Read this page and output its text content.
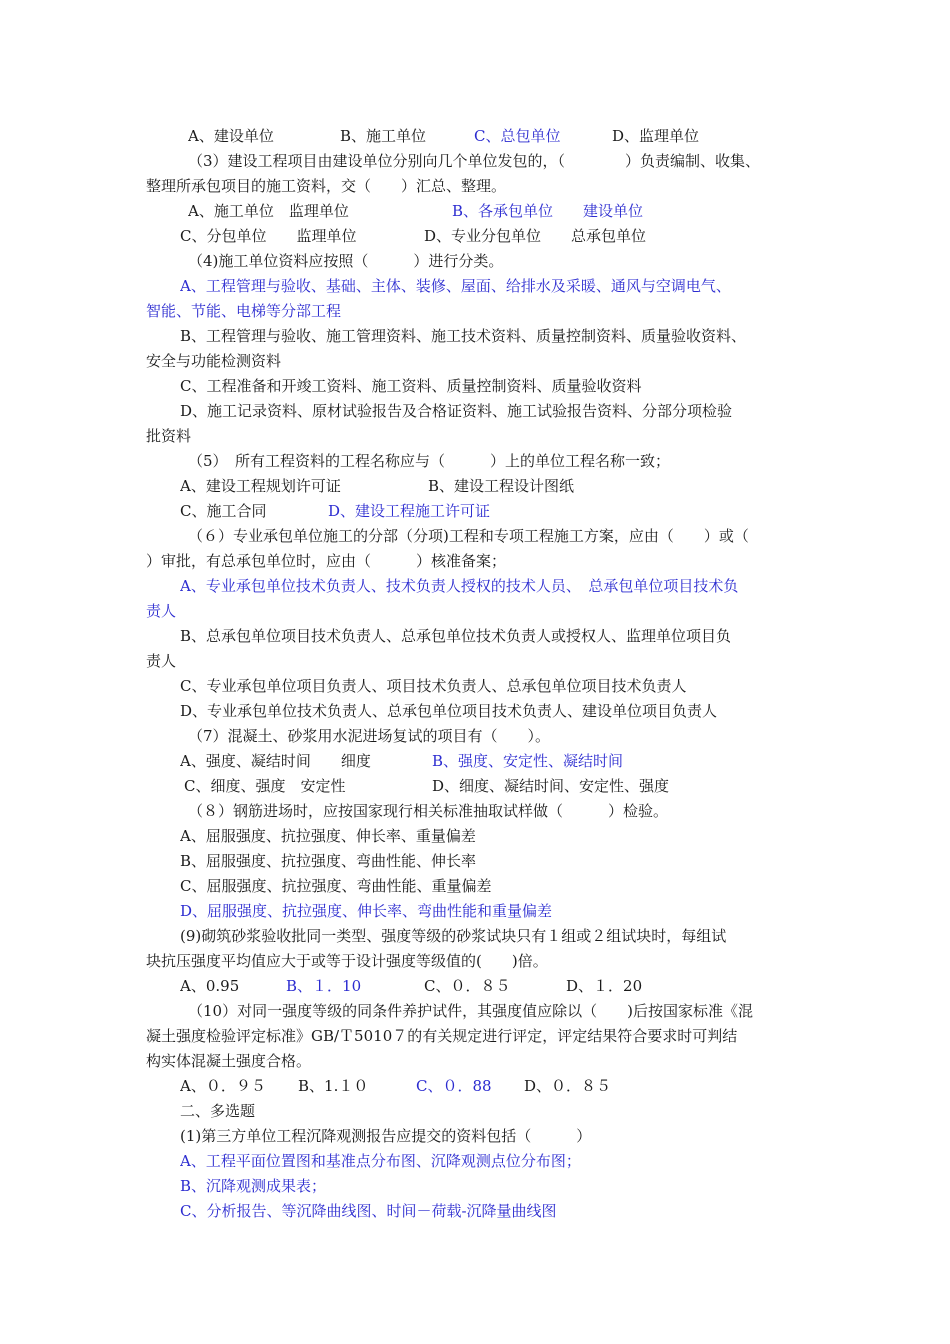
A、建设单位

	B、施工单位

	C、总包单位

	D、监理单位

（3）建设工程项目由建设单位分别向几个单位发包的，（　　　　）负责编制、收集、
整理所承包项目的施工资料，交（　　）汇总、整理。

A、施工单位　监理单位

	B、各承包单位　　建设单位

C、分包单位　　监理单位

	D、专业分包单位　　总承包单位

（4)施工单位资料应按照（　　　）进行分类。
A、工程管理与验收、基础、主体、装修、屋面、给排水及采暖、通风与空调电气、
智能、节能、电梯等分部工程
B、工程管理与验收、施工管理资料、施工技术资料、质量控制资料、质量验收资料、
安全与功能检测资料
C、工程准备和开竣工资料、施工资料、质量控制资料、质量验收资料
D、施工记录资料、原材试验报告及合格证资料、施工试验报告资料、分部分项检验
批资料
（5）　所有工程资料的工程名称应与（　　　）上的单位工程名称一致；

A、建设工程规划许可证

	B、建设工程设计图纸

C、施工合同

	D、建设工程施工许可证

（６）专业承包单位施工的分部（分项)工程和专项工程施工方案，应由（　　）或（
）审批，有总承包单位时，应由（　　　）核准备案；
A、专业承包单位技术负责人、技术负责人授权的技术人员、　总承包单位项目技术负
责人
B、总承包单位项目技术负责人、总承包单位技术负责人或授权人、监理单位项目负
责人
C、专业承包单位项目负责人、项目技术负责人、总承包单位项目技术负责人
D、专业承包单位技术负责人、总承包单位项目技术负责人、建设单位项目负责人
（7）混凝土、砂浆用水泥进场复试的项目有（　　）。

A、强度、凝结时间　　细度

	B、强度、安定性、凝结时间

C、细度、强度　安定性

	D、细度、凝结时间、安定性、强度

（８）钢筋进场时，应按国家现行相关标准抽取试样做（　　　）检验。
A、屈服强度、抗拉强度、伸长率、重量偏差
B、屈服强度、抗拉强度、弯曲性能、伸长率
C、屈服强度、抗拉强度、弯曲性能、重量偏差
D、屈服强度、抗拉强度、伸长率、弯曲性能和重量偏差
(9)砌筑砂浆验收批同一类型、强度等级的砂浆试块只有１组或２组试块时，每组试
块抗压强度平均值应大于或等于设计强度等级值的(　　)倍。

A、0.95

	B、１．10

	C、０．８５

	D、１．20

（10）对同一强度等级的同条件养护试件，其强度值应除以（　　)后按国家标准《混
凝土强度检验评定标准》GB/Ｔ5010７的有关规定进行评定，评定结果符合要求时可判结
构实体混凝土强度合格。

A、０．９５

B、1.１０

	C、０．88

D、０．８５

二、多选题
(1)第三方单位工程沉降观测报告应提交的资料包括（　　　）
A、工程平面位置图和基准点分布图、沉降观测点位分布图；
B、沉降观测成果表；
C、分析报告、等沉降曲线图、时间－荷载-沉降量曲线图
